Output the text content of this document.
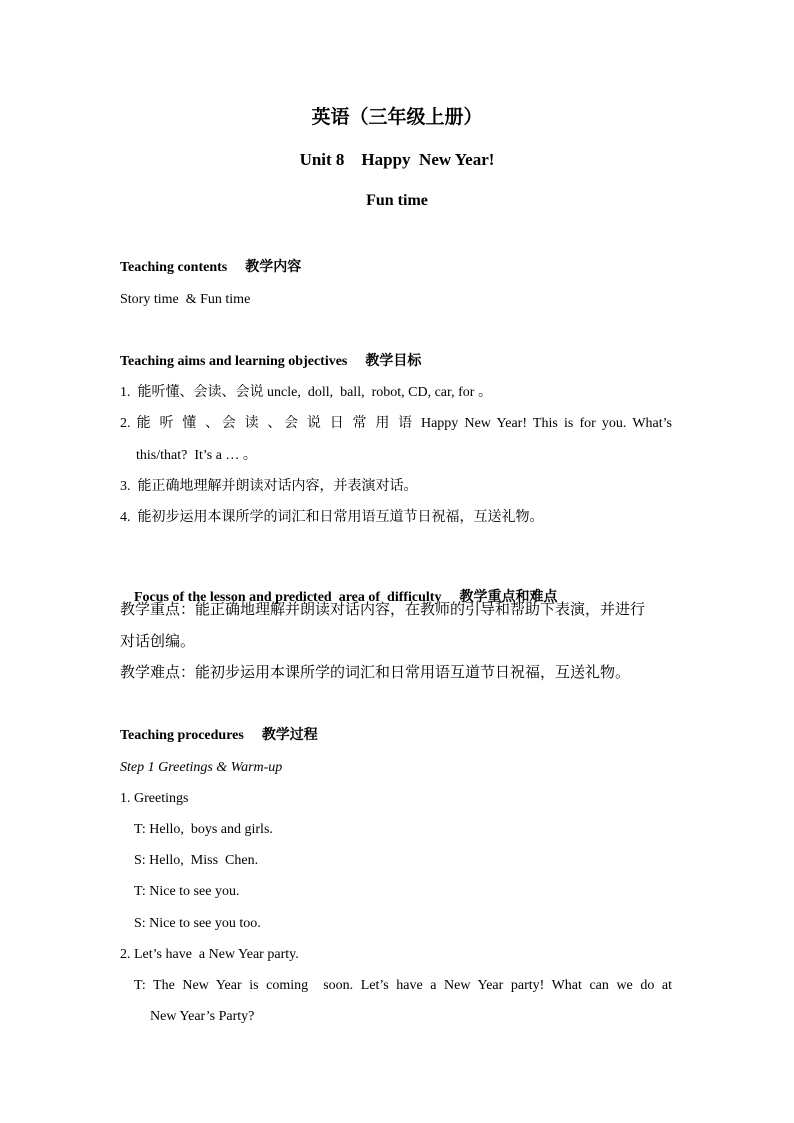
英语（三年级上册）
Unit 8    Happy  New Year!
Fun time
Teaching contents 教学内容
Story time  & Fun time
Teaching aims and learning objectives 教学目标
1.  能听懂、会读、会说 uncle,  doll,  ball,  robot, CD, car, for 。
2. 能 听 懂 、会 读 、会 说 日 常 用 语 Happy New Year! This is for you. What’s
this/that?  It’s a … 。
3.  能正确地理解并朗读对话内容，并表演对话。
4.  能初步运用本课所学的词汇和日常用语互道节日祝福，互送礼物。

Focus of the lesson and predicted  area of  difficulty 教学重点和难点

教学重点：能正确地理解并朗读对话内容，在教师的引导和帮助下表演，并进行
对话创编。
教学难点：能初步运用本课所学的词汇和日常用语互道节日祝福，互送礼物。
Teaching procedures 教学过程
Step 1 Greetings & Warm-up
1. Greetings
T: Hello,  boys and girls.
S: Hello,  Miss  Chen.
T: Nice to see you.
S: Nice to see you too.
2. Let’s have  a New Year party.
T: The New Year is coming  soon. Let’s have a New Year party! What can we do at
New Year’s Party?
